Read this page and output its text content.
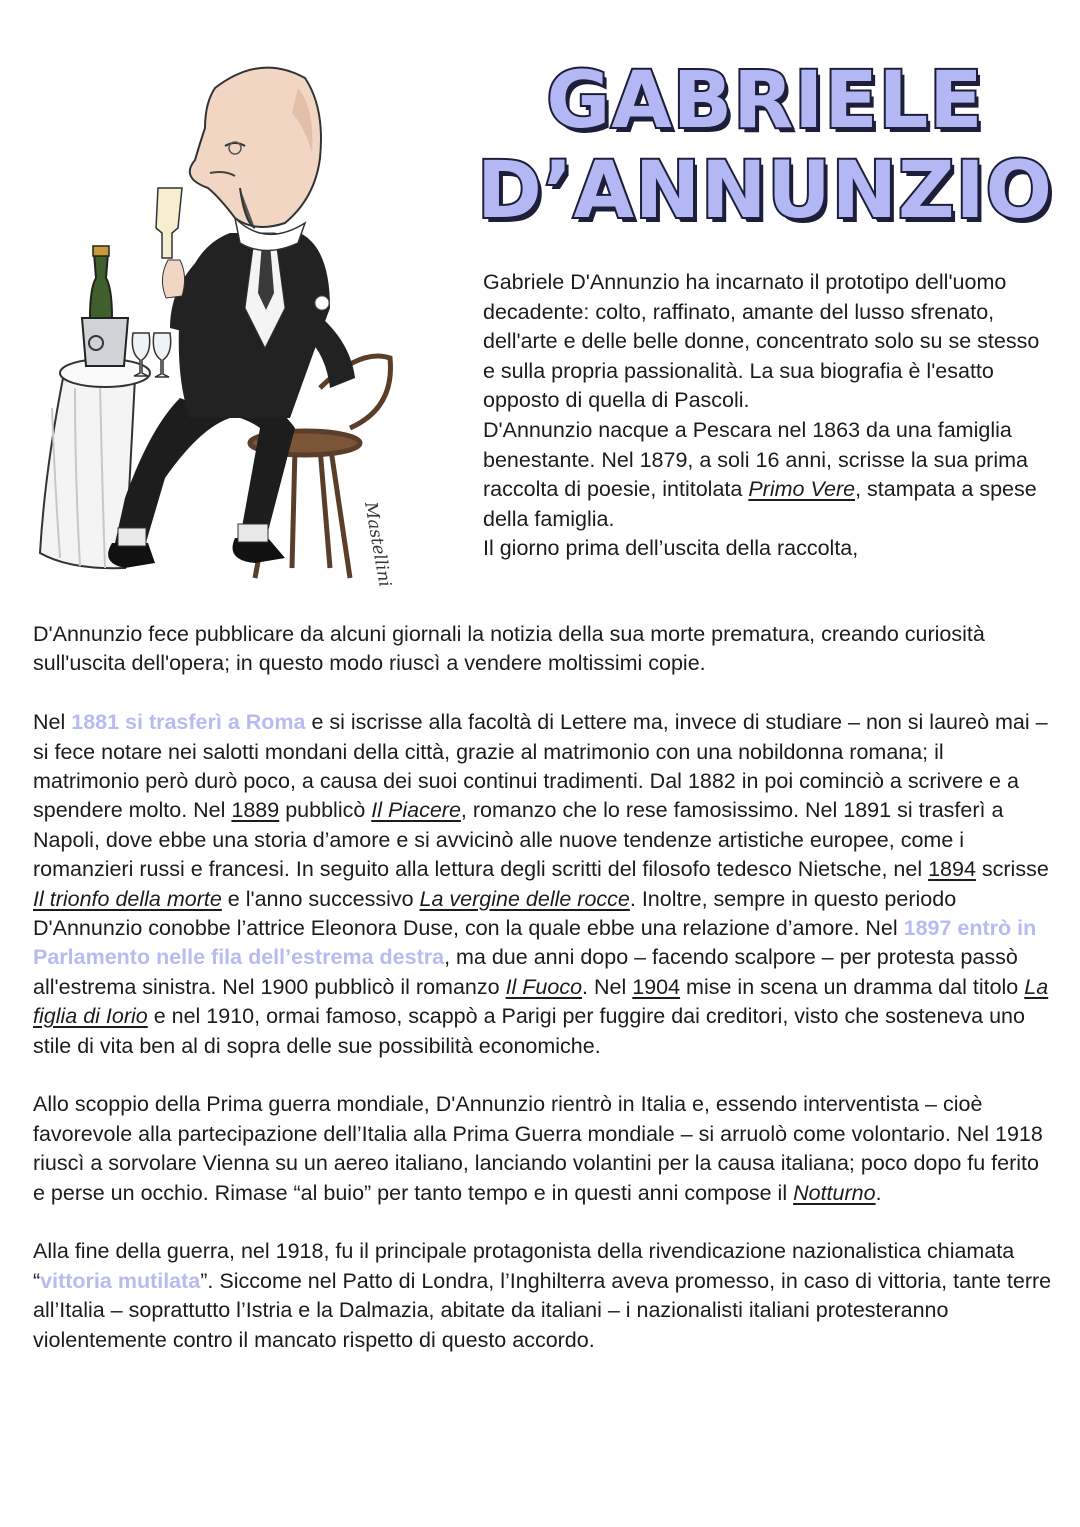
GABRIELE
D’ANNUNZIO
Mastellini

Gabriele D'Annunzio ha incarnato il prototipo dell'uomo decadente: colto, raffinato, amante del lusso sfrenato, dell'arte e delle belle donne, concentrato solo su se stesso e sulla propria passionalità. La sua biografia è l'esatto opposto di quella di Pascoli.

D'Annunzio nacque a Pescara nel 1863 da una famiglia benestante. Nel 1879, a soli 16 anni, scrisse la sua prima raccolta di poesie, intitolata Primo Vere, stampata a spese della famiglia.

Il giorno prima dell’uscita della raccolta,

D'Annunzio fece pubblicare da alcuni giornali la notizia della sua morte prematura, creando curiosità sull'uscita dell'opera; in questo modo riuscì a vendere moltissimi copie.

Nel 1881 si trasferì a Roma e si iscrisse alla facoltà di Lettere ma, invece di studiare – non si laureò mai – si fece notare nei salotti mondani della città, grazie al matrimonio con una nobildonna romana; il matrimonio però durò poco, a causa dei suoi continui tradimenti. Dal 1882 in poi cominciò a scrivere e a spendere molto. Nel 1889 pubblicò Il Piacere, romanzo che lo rese famosissimo. Nel 1891 si trasferì a Napoli, dove ebbe una storia d’amore e si avvicinò alle nuove tendenze artistiche europee, come i romanzieri russi e francesi. In seguito alla lettura degli scritti del filosofo tedesco Nietsche, nel 1894 scrisse Il trionfo della morte e l'anno successivo La vergine delle rocce. Inoltre, sempre in questo periodo D'Annunzio conobbe l’attrice Eleonora Duse, con la quale ebbe una relazione d’amore. Nel 1897 entrò in Parlamento nelle fila dell’estrema destra, ma due anni dopo – facendo scalpore – per protesta passò all'estrema sinistra. Nel 1900 pubblicò il romanzo Il Fuoco. Nel 1904 mise in scena un dramma dal titolo La figlia di Iorio e nel 1910, ormai famoso, scappò a Parigi per fuggire dai creditori, visto che sosteneva uno stile di vita ben al di sopra delle sue possibilità economiche.

Allo scoppio della Prima guerra mondiale, D'Annunzio rientrò in Italia e, essendo interventista – cioè favorevole alla partecipazione dell’Italia alla Prima Guerra mondiale – si arruolò come volontario. Nel 1918 riuscì a sorvolare Vienna su un aereo italiano, lanciando volantini per la causa italiana; poco dopo fu ferito e perse un occhio. Rimase “al buio” per tanto tempo e in questi anni compose il Notturno.

Alla fine della guerra, nel 1918, fu il principale protagonista della rivendicazione nazionalistica chiamata “vittoria mutilata”. Siccome nel Patto di Londra, l’Inghilterra aveva promesso, in caso di vittoria, tante terre all’Italia – soprattutto l’Istria e la Dalmazia, abitate da italiani – i nazionalisti italiani protesteranno violentemente contro il mancato rispetto di questo accordo.
